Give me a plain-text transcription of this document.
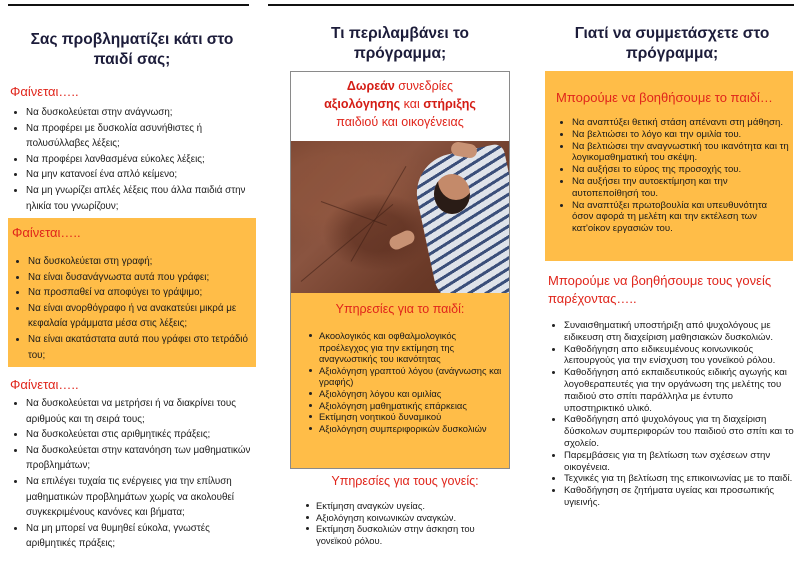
Σας προβληματίζει κάτι στο παιδί σας;
Φαίνεται…..
Να δυσκολεύεται στην ανάγνωση;
Να προφέρει με δυσκολία ασυνήθιστες ή πολυσύλλαβες λέξεις;
Να προφέρει λανθασμένα εύκολες λέξεις;
Να μην κατανοεί ένα απλό κείμενο;
Να μη γνωρίζει απλές λέξεις που άλλα παιδιά στην ηλικία του γνωρίζουν;
Φαίνεται…..
Να δυσκολεύεται στη γραφή;
Να είναι δυσανάγνωστα αυτά που γράφει;
Να προσπαθεί να αποφύγει το γράψιμο;
Να είναι ανορθόγραφο ή να ανακατεύει μικρά με κεφαλαία γράμματα μέσα στις λέξεις;
Να είναι ακατάστατα αυτά που γράφει στο τετράδιό του;
Φαίνεται…..
Να δυσκολεύεται να μετρήσει ή να διακρίνει τους αριθμούς και τη σειρά τους;
Να δυσκολεύεται στις αριθμητικές πράξεις;
Να δυσκολεύεται στην κατανόηση των μαθηματικών προβλημάτων;
Να επιλέγει τυχαία τις ενέργειες για την επίλυση μαθηματικών προβλημάτων χωρίς να ακολουθεί συγκεκριμένους κανόνες και βήματα;
Να μη μπορεί να θυμηθεί εύκολα, γνωστές αριθμητικές πράξεις;
Τι περιλαμβάνει το πρόγραμμα;
Δωρεάν συνεδρίες
αξιολόγησης και στήριξης
παιδιού και οικογένειας
Υπηρεσίες για το παιδί:
Ακοολογικός και οφθαλμολογικός προέλεγχος για την εκτίμηση της αναγνωστικής του ικανότητας
Αξιολόγηση γραπτού λόγου (ανάγνωσης και γραφής)
Αξιολόγηση λόγου και ομιλίας
Αξιολόγηση μαθηματικής επάρκειας
Εκτίμηση νοητικού δυναμικού
Αξιολόγηση συμπεριφορικών δυσκολιών
Υπηρεσίες για τους γονείς:
Εκτίμηση αναγκών υγείας.
Αξιολόγηση κοινωνικών αναγκών.
Εκτίμηση δυσκολιών στην άσκηση του γονεϊκού ρόλου.
Γιατί να συμμετάσχετε στο πρόγραμμα;
Μπορούμε να βοηθήσουμε το παιδί…
Να αναπτύξει θετική στάση απέναντι στη μάθηση.
Να βελτιώσει το λόγο και την ομιλία του.
Να βελτιώσει την αναγνωστική του ικανότητα και τη λογικομαθηματική του σκέψη.
Να αυξήσει το εύρος της προσοχής του.
Να αυξήσει την αυτοεκτίμηση και την αυτοπεποίθησή του.
Να αναπτύξει πρωτοβουλία και υπευθυνότητα όσον αφορά τη μελέτη και την εκτέλεση των κατ'οίκον εργασιών του.
Μπορούμε να βοηθήσουμε τους γονείς παρέχοντας…..
Συναισθηματική υποστήριξη από ψυχολόγους με ειδικευση στη διαχείριση μαθησιακών δυσκολιών.
Καθοδήγηση απο ειδικευμένους κοινωνικούς λειτουργούς για την ενίσχυση του γονεϊκού ρόλου.
Καθοδήγηση από εκπαιδευτικούς ειδικής αγωγής και λογοθεραπευτές για την οργάνωση της μελέτης του παιδιού στο σπίτι παράλληλα με έντυπο υποστηρικτικό υλικό.
Καθοδήγηση από ψυχολόγους για τη διαχείριση δύσκολων συμπεριφορών του παιδιού στο σπίτι και το σχολείο.
Παρεμβάσεις για τη βελτίωση των σχέσεων στην οικογένεια.
Τεχνικές για τη βελτίωση της επικοινωνίας με το παιδί.
Καθοδήγηση σε ζητήματα υγείας και προσωπικής υγιεινής.
